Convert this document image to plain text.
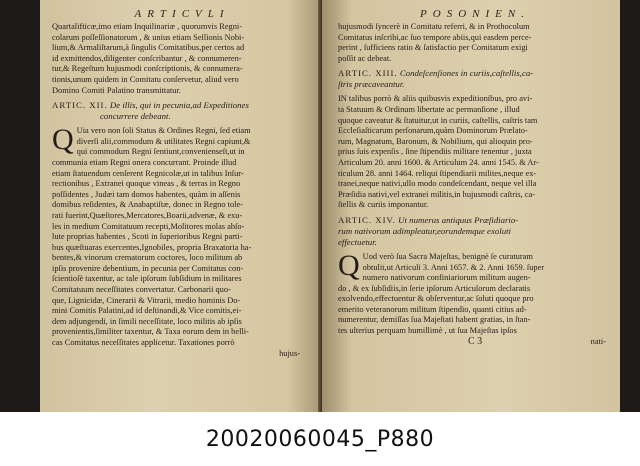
ARTICVLI
Quartalifticæ,imo etiam Inquilinariæ , quorumvis Regni-
colarum poſſeſſionatorum , & unius etiam Seſſionis Nobi-
lium,& Armaliſtarum,à ſingulis Comitatibus,per certos ad
id exmittendos,diligenter conſcribantur , & connumeren-
tur,& Regeſtum hujusmodi conſcriptionis, & connumera-
tionis,unum quidem in Comitatu conſervetur, aliud vero
Domino Comiti Palatino transmittatur.
ARTIC. XII. De illis, qui in pecunia,ad Expeditiones
concurrere debeant.
Q Uia vero non ſoli Status & Ordines Regni, ſed etiam
diverſi alii,commodum & utilitates Regni capiunt,&
qui commodum Regni ſentiunt,convenienseſt,ut in
communia etiam Regni onera concurrant. Proinde illud
etiam ſtatuendum cenſerent Regnicolæ,ut in talibus Inſur-
rectionibus , Extranei quoque vineas , & terras in Regno
poſſidentes , Judæi tam domos habentes, quàm in aſſenis
domibus reſidentes, & Anabaptiſtæ, donec in Regno tole-
rati fuerint,Quæſtores,Mercatores,Boarii,advenæ, & exu-
les in medium Comitatuum recepti,Molitores molas abſo-
lute proprias habentes , Scoti in ſuperioribus Regni parti-
bus quæſtuaras exercentes,Ignobiles, propria Braxatoria ha-
bentes,& vinorum crematorum coctores, loco militum ab
ipſis provenire debentium, in pecunia per Comitatus con-
ſcientioſè taxentur, ac tale ipſorum ſubſidium in militares
Comitatuum neceſſitates convertatur. Carbonarii quo-
que, Lignicidæ, Cinerarii & Vitrarii, medio hominis Do-
mini Comitis Palatini,ad id deſtinandi,& Vice comitis,ei-
dem adjungendi, in ſimili neceſſitate, loco militis ab ipſis
provenientis,ſimiliter taxentur, & Taxa eorum dem in belli-
cas Comitatus neceſſitates applicetur. Taxationes porrò
hujus-
POSONIEN.
hujusmodi ſyncerè in Comitatu referri, & in Prothocolum
Comitatus inſcribi,ac ſuo tempore abiis,qui easdem perce-
perint , ſufficiens ratio & ſatisfactio per Comitatum exigi
poſſit ac debeat.
ARTIC. XIII. Condeſcenſiones in curiis,caſtellis,ca-
ſtris præcaveantur.
IN talibus porrò & aliis quibusvis expeditionibus, pro avi-
ta Statuum & Ordinum libertate ac permanſione , illud
quoque caveatur & ſtatuitur,ut in curiis, caſtellis, caſtris tam
Eccleſiaſticarum perſonarum,quàm Dominorum Prælato-
rum, Magnatum, Baronum, & Nobilium, qui alioquin pro-
prius ſuis expenſis , ſine ſtipendiis militare tenentur , juxta
Articulum 20. anni 1600. & Articulum 24. anni 1545. & Ar-
ticulum 28. anni 1464. reliqui ſtipendiarii milites,neque ex-
tranei,neque nativi,ullo modo condeſcendant, neque vel illa
Præſidia nativi,vel extranei militis,in hujusmodi caſtris, ca-
ſtellis & curiis imponantur.
ARTIC. XIV. Ut numerus antiquus Præſidiario-
rum nativorum adimpleatur,eorundemque exoluti
effectuetur.
Q Uod verò ſua Sacra Majeſtas, benignè ſe curaturam
obtulit,ut Articuli 3. Anni 1657. & 2. Anni 1659. ſuper
numero nativorum confiniariorum militum augen-
do , & ex ſubſidiis,in ſerie ipſorum Articulorum declaratis
exolvendo,effectuentur & obſerventur,ac ſoluti quoque pro
emerito veteranorum militum ſtipendio, quanti citius ad-
numerentur, demiſſas ſua Majeſtati habent gratias, in ſtan-
tes ulterius perquam humillimè , ut ſua Majeſtas ipſos
C 3	nati-
20020060045_P880
